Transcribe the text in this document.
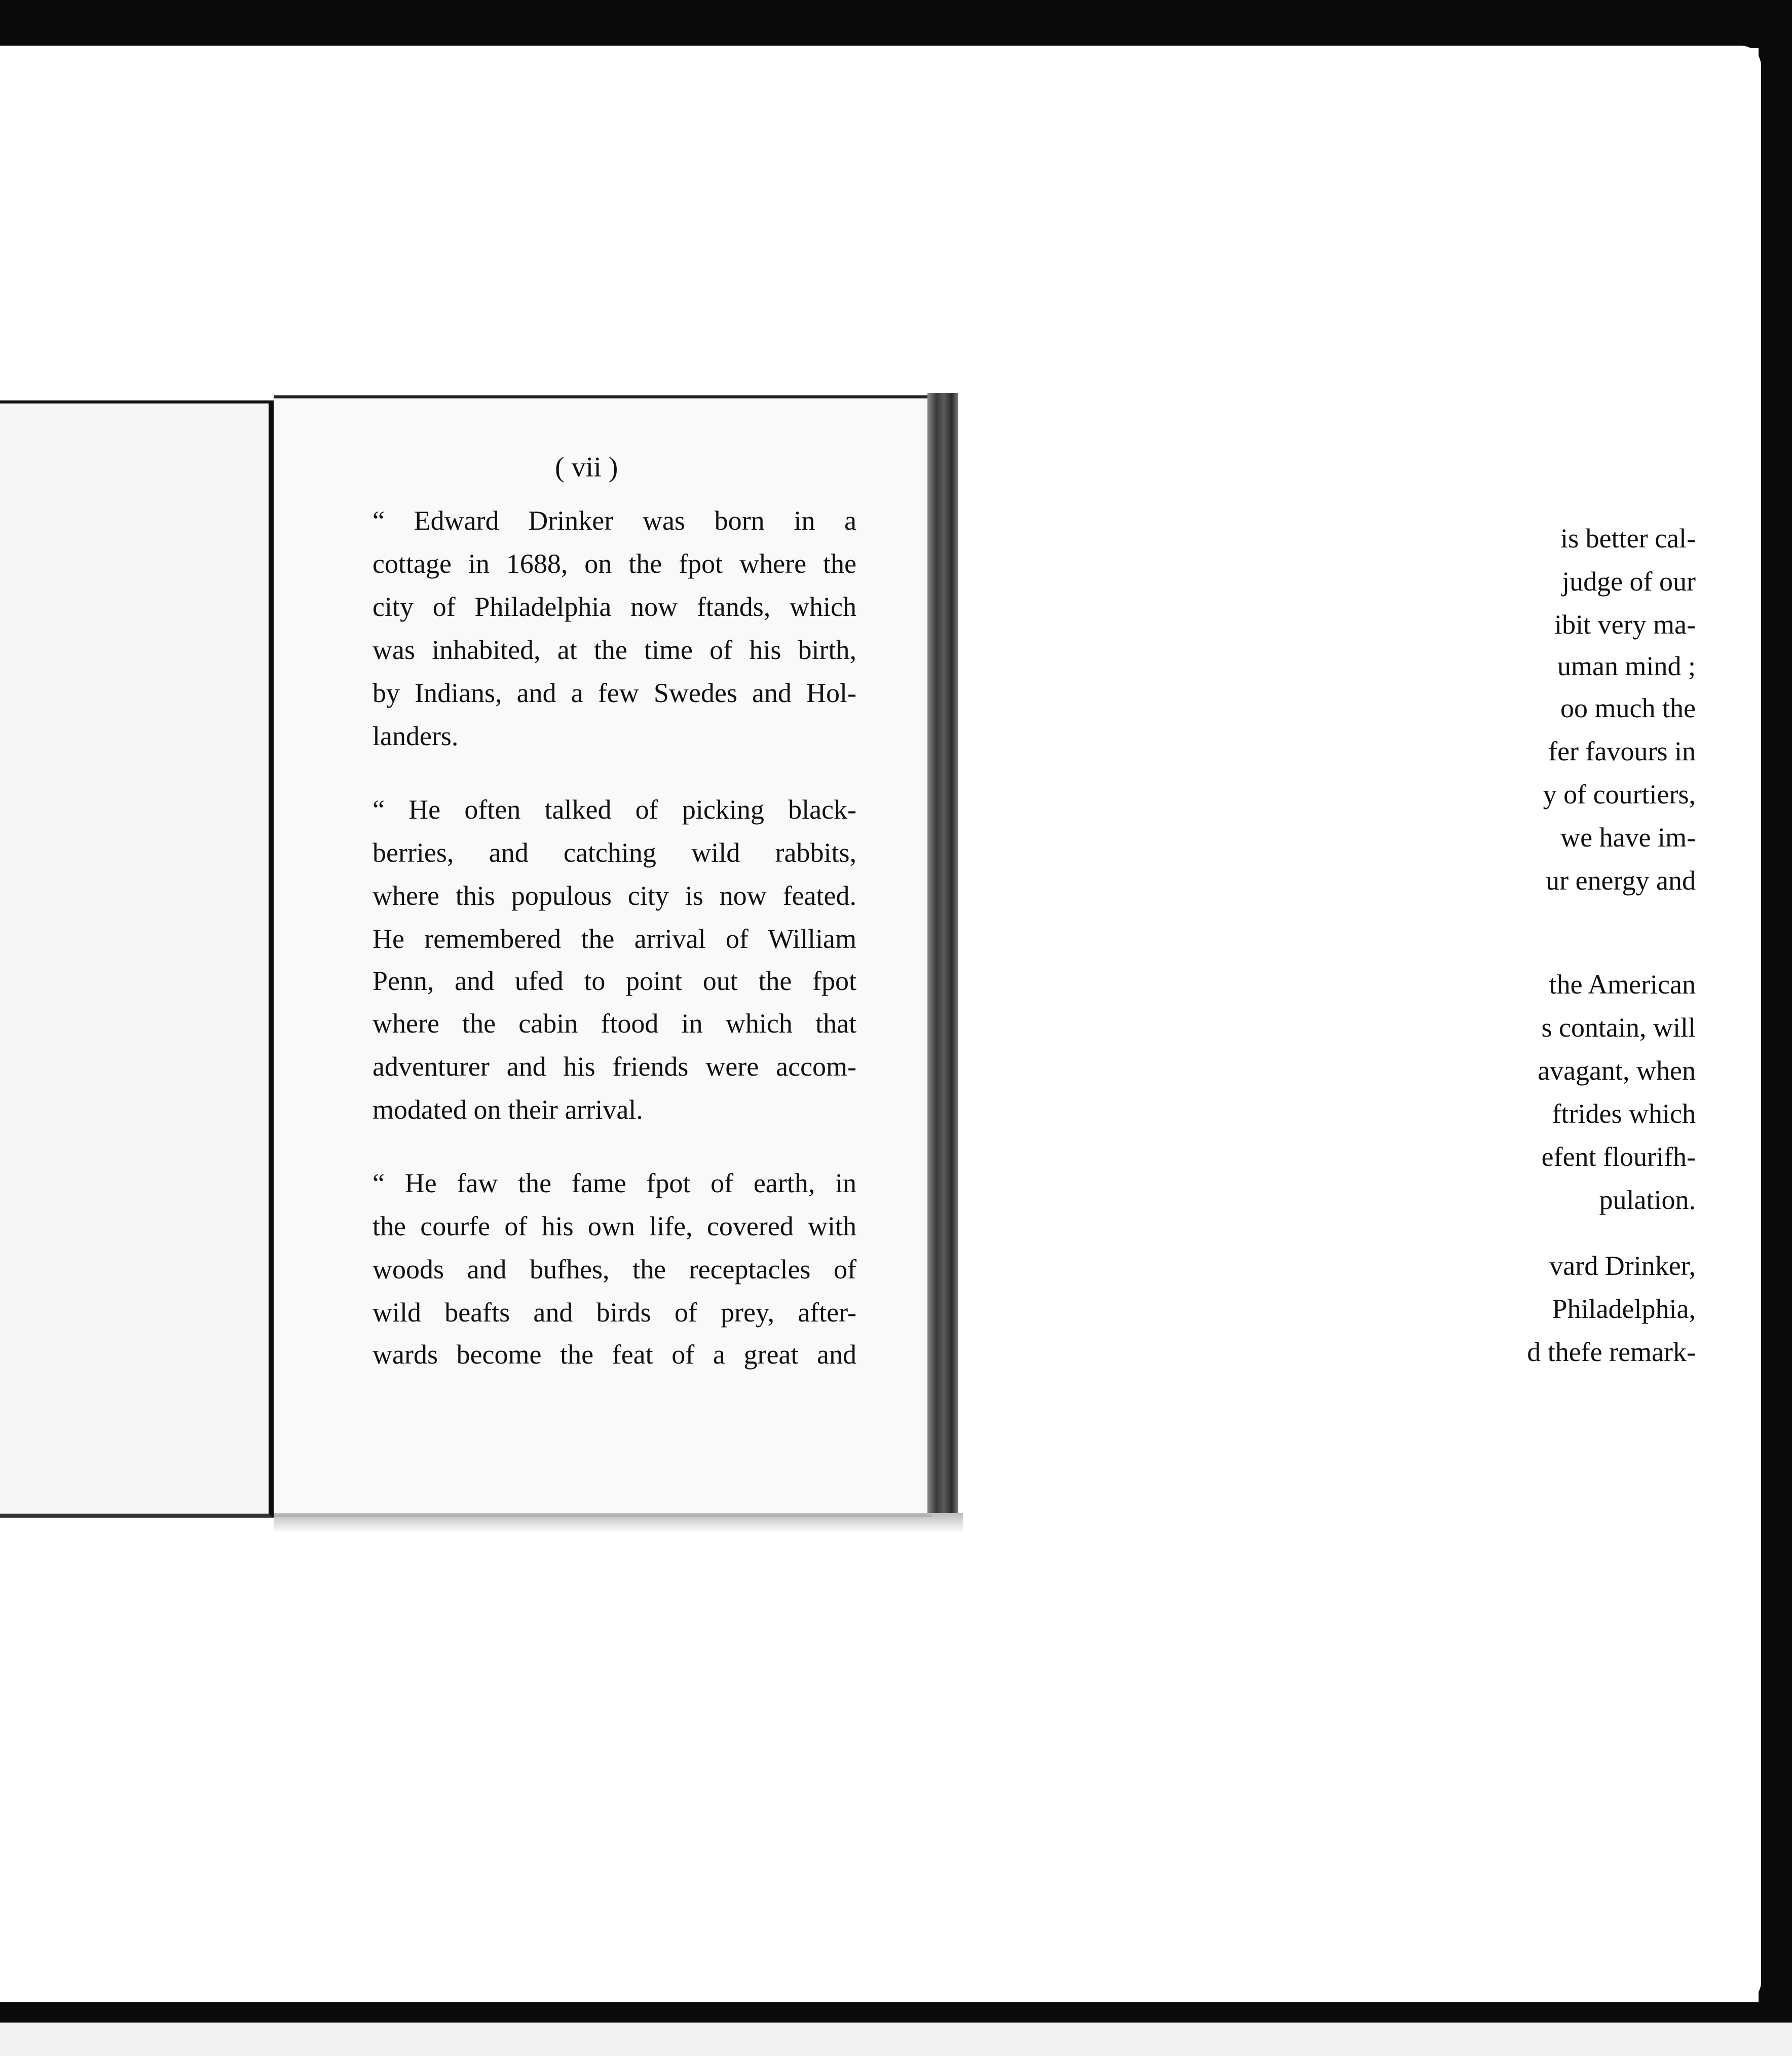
is better cal-
judge of our
ibit very ma-
uman mind ;
oo much the
fer favours in
y of courtiers,
we have im-
ur energy and
the American
s contain, will
avagant, when
ftrides which
efent flourifh-
pulation.
vard Drinker,
Philadelphia,
d thefe remark-
( vii )
“ Edward Drinker was born in a
cottage in 1688, on the fpot where the
city of Philadelphia now ftands, which
was inhabited, at the time of his birth,
by Indians, and a few Swedes and Hol-
landers.
“ He often talked of picking black-
berries, and catching wild rabbits,
where this populous city is now feated.
He remembered the arrival of William
Penn, and ufed to point out the fpot
where the cabin ftood in which that
adventurer and his friends were accom-
modated on their arrival.
“ He faw the fame fpot of earth, in
the courfe of his own life, covered with
woods and bufhes, the receptacles of
wild beafts and birds of prey, after-
wards become the feat of a great and
